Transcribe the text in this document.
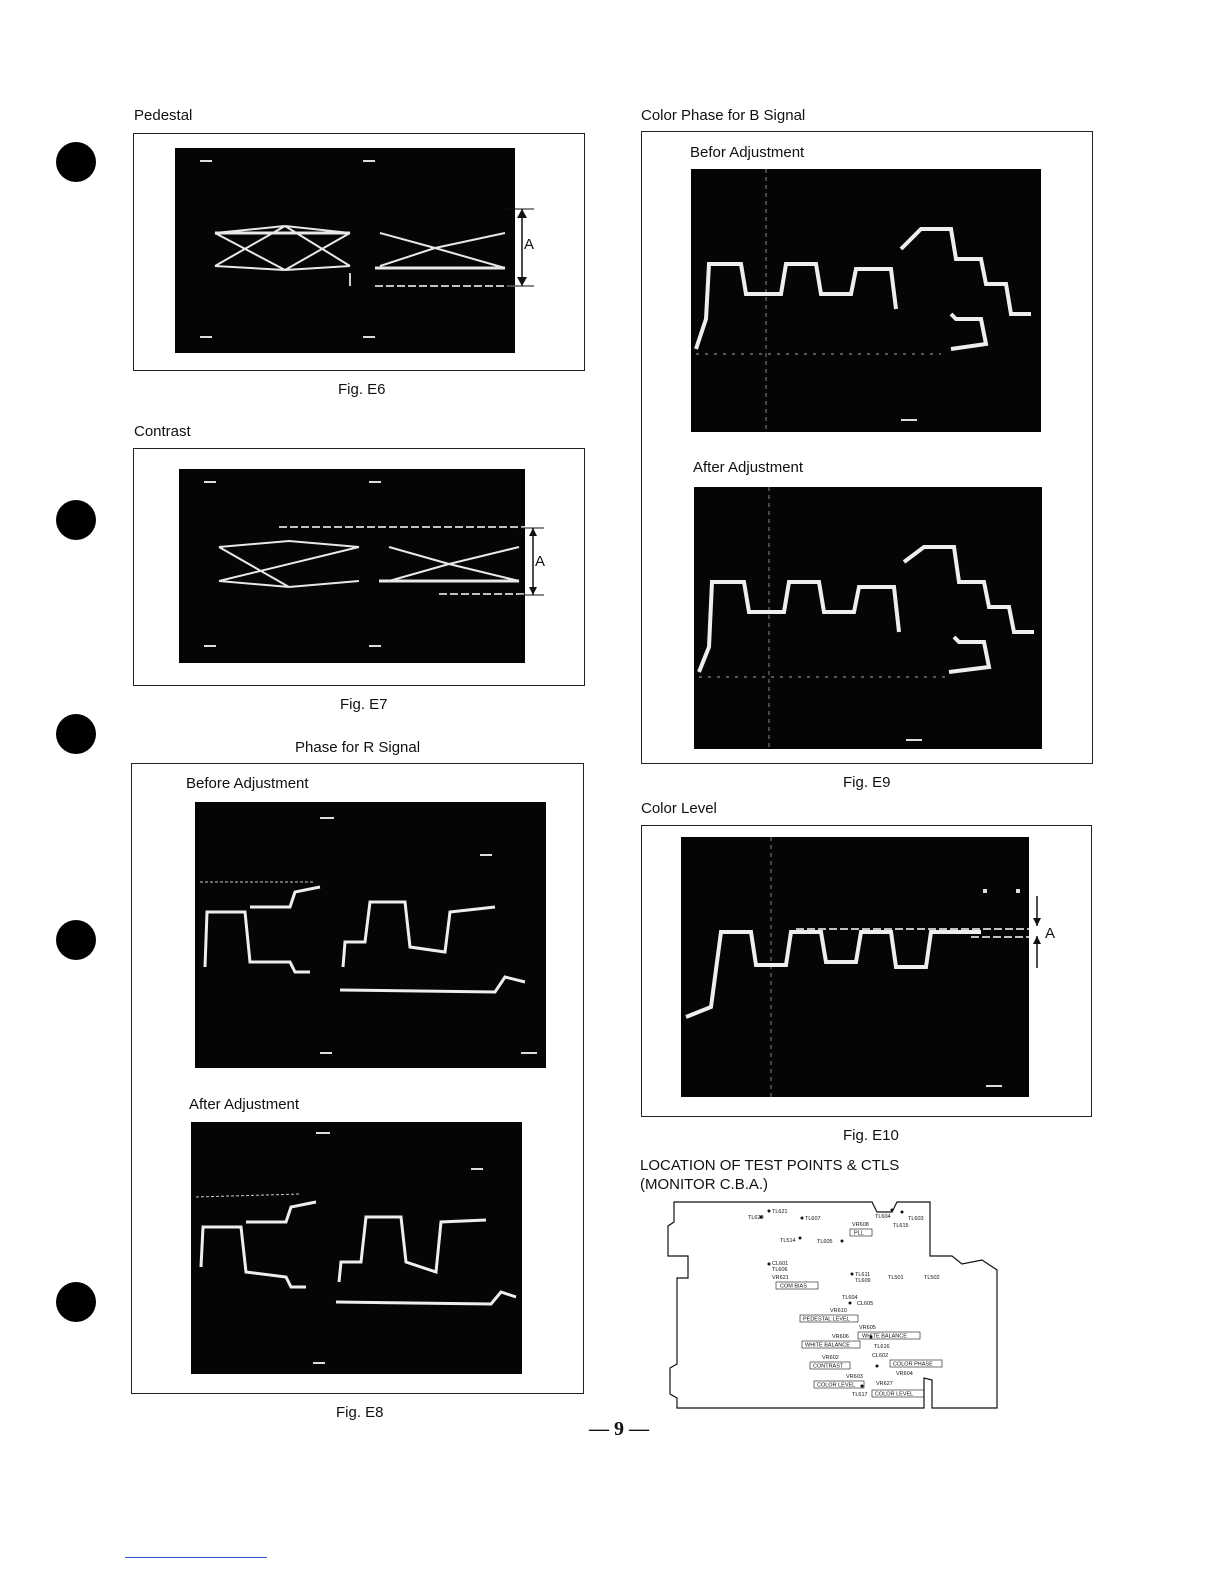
Pedestal
A
Fig. E6
Contrast
A
Fig. E7
Phase for R Signal
Before Adjustment
After Adjustment
Fig. E8
Color Phase for B Signal
Befor Adjustment
After Adjustment
Fig. E9
Color Level
A
Fig. E10
LOCATION OF TEST POINTS & CTLS
(MONITOR C.B.A.)
TL621
TL620	TL607	TL604	TL603
VR608	TL615
PLL
TL514	TL605
CL601
TL606
VR621
COM BIAS
TL611
TL609	TL501	TL502
TL604
CL605
VR610
PEDESTAL LEVEL
VR605
WHITE BALANCE
VR606
WHITE BALANCE	TL616
VR602	CL602
CONTRAST	COLOR PHASE
VR604
VR603
VR627
COLOR LEVEL
TL617 COLOR LEVEL
— 9 —
